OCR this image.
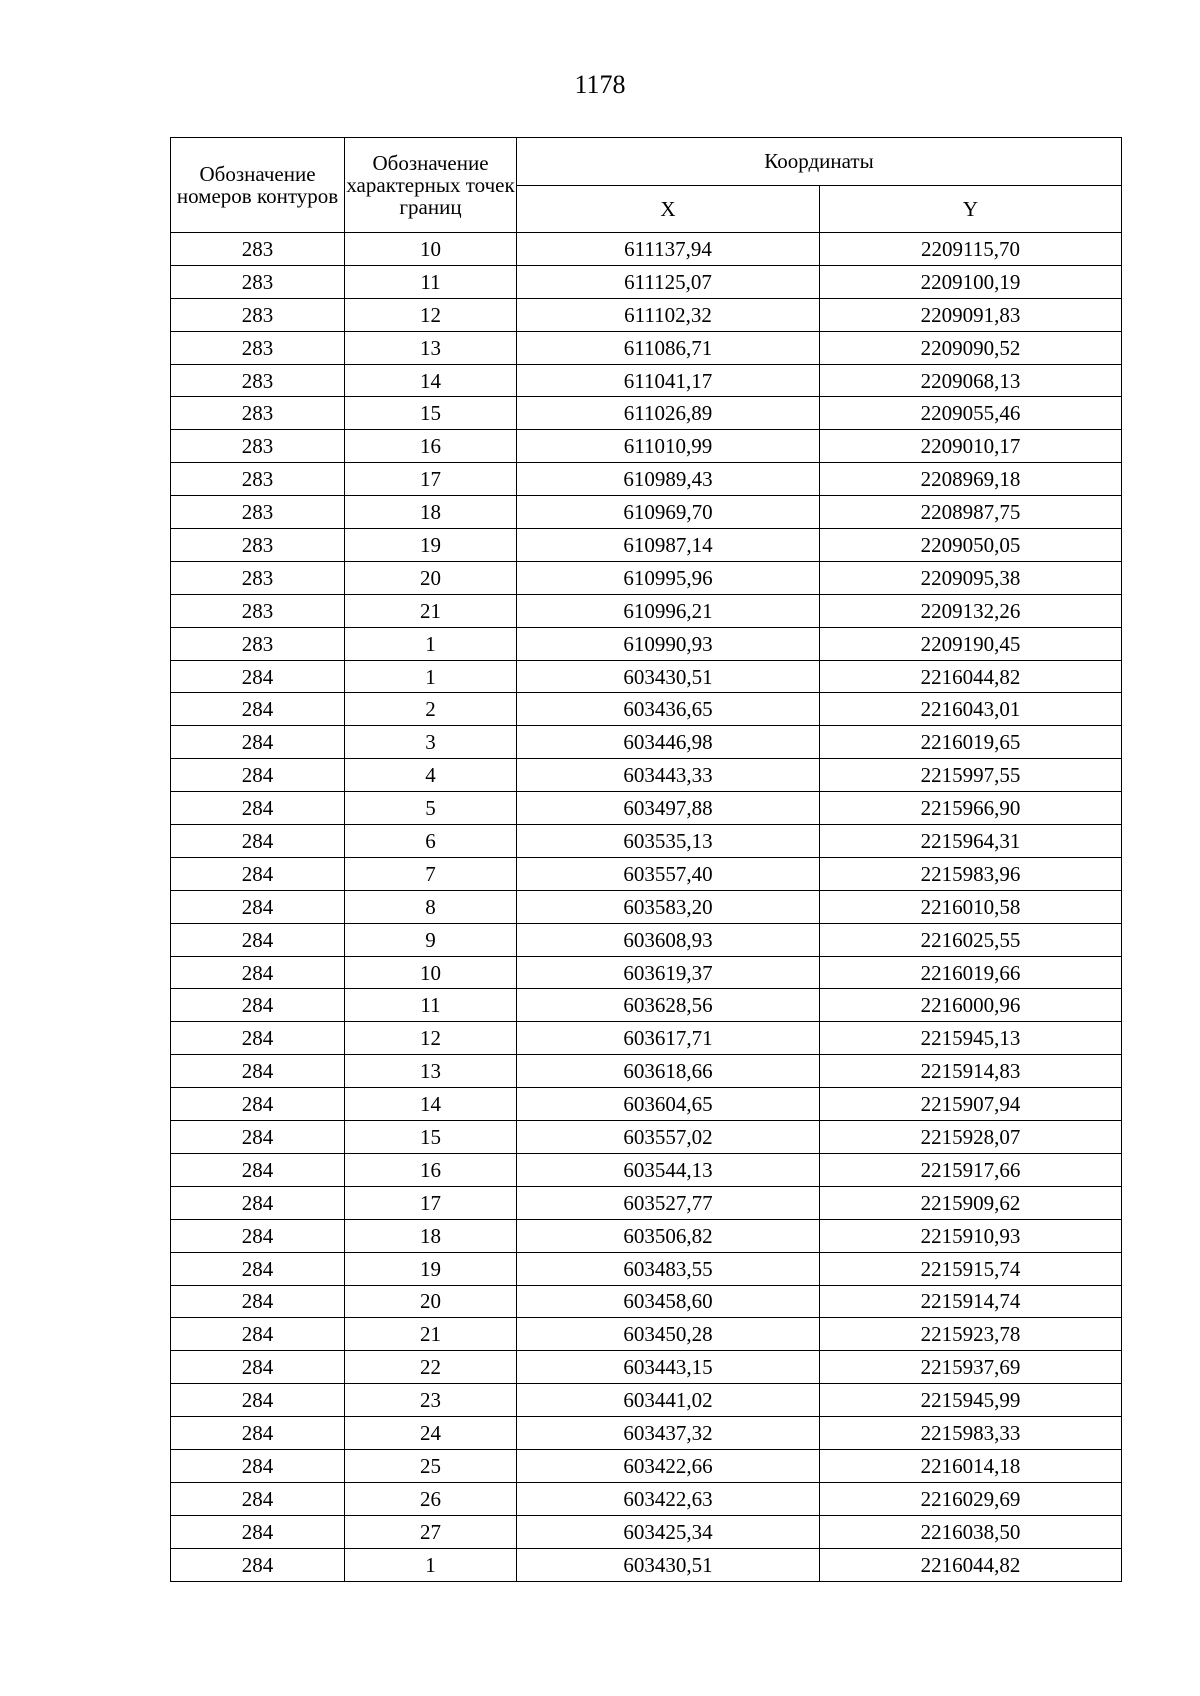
1178
Обозначение номеров контуров	Обозначение характерных точек границ	Координаты	
		X	Y
283	10	611137,94	2209115,70
283	11	611125,07	2209100,19
283	12	611102,32	2209091,83
283	13	611086,71	2209090,52
283	14	611041,17	2209068,13
283	15	611026,89	2209055,46
283	16	611010,99	2209010,17
283	17	610989,43	2208969,18
283	18	610969,70	2208987,75
283	19	610987,14	2209050,05
283	20	610995,96	2209095,38
283	21	610996,21	2209132,26
283	1	610990,93	2209190,45
284	1	603430,51	2216044,82
284	2	603436,65	2216043,01
284	3	603446,98	2216019,65
284	4	603443,33	2215997,55
284	5	603497,88	2215966,90
284	6	603535,13	2215964,31
284	7	603557,40	2215983,96
284	8	603583,20	2216010,58
284	9	603608,93	2216025,55
284	10	603619,37	2216019,66
284	11	603628,56	2216000,96
284	12	603617,71	2215945,13
284	13	603618,66	2215914,83
284	14	603604,65	2215907,94
284	15	603557,02	2215928,07
284	16	603544,13	2215917,66
284	17	603527,77	2215909,62
284	18	603506,82	2215910,93
284	19	603483,55	2215915,74
284	20	603458,60	2215914,74
284	21	603450,28	2215923,78
284	22	603443,15	2215937,69
284	23	603441,02	2215945,99
284	24	603437,32	2215983,33
284	25	603422,66	2216014,18
284	26	603422,63	2216029,69
284	27	603425,34	2216038,50
284	1	603430,51	2216044,82
